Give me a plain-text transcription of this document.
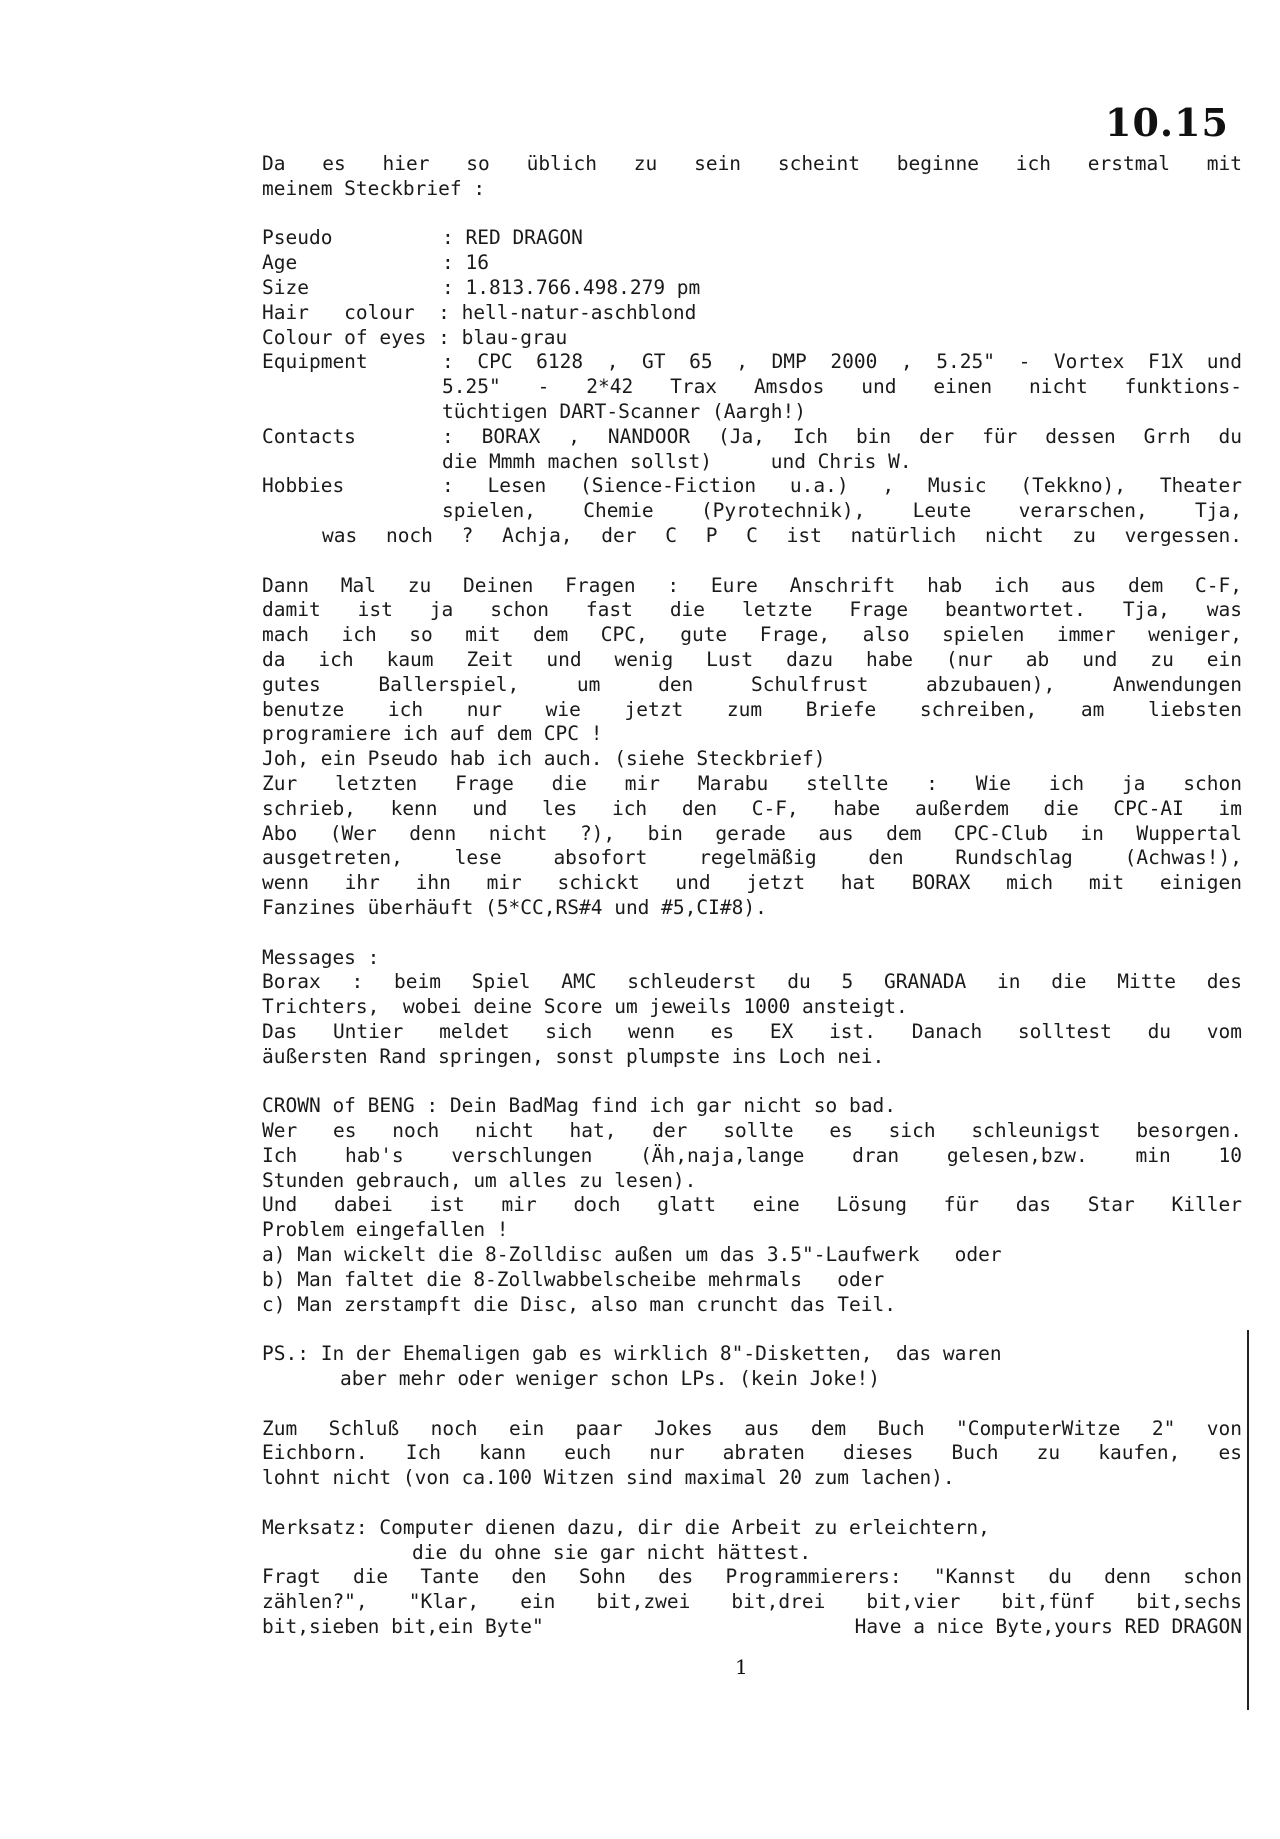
10.15
Da es hier so üblich zu sein scheint beginne ich erstmal mit
meinem Steckbrief :
Pseudo	: RED DRAGON
Age	: 16
Size	: 1.813.766.498.279 pm
Hair   colour  : hell-natur-aschblond
Colour of eyes : blau-grau
Equipment	: CPC 6128 , GT 65 , DMP 2000 , 5.25" - Vortex F1X und
5.25" - 2*42 Trax Amsdos und einen nicht funktions-
tüchtigen DART-Scanner (Aargh!)
Contacts	: BORAX , NANDOOR (Ja, Ich bin der für dessen Grrh du
die Mmmh machen sollst)     und Chris W.
Hobbies	: Lesen (Sience-Fiction u.a.) , Music (Tekkno), Theater
spielen, Chemie (Pyrotechnik), Leute verarschen, Tja,
was noch ? Achja, der C P C ist natürlich nicht zu vergessen.
Dann Mal zu Deinen Fragen : Eure Anschrift hab ich aus dem C-F,
damit ist ja schon fast die letzte Frage beantwortet. Tja, was
mach ich so mit dem CPC, gute Frage, also spielen immer weniger,
da ich kaum Zeit und wenig Lust dazu habe (nur ab und zu ein
gutes Ballerspiel, um den Schulfrust abzubauen), Anwendungen
benutze ich nur wie jetzt zum Briefe schreiben, am liebsten
programiere ich auf dem CPC !
Joh, ein Pseudo hab ich auch. (siehe Steckbrief)
Zur letzten Frage die mir Marabu stellte : Wie ich ja schon
schrieb, kenn und les ich den C-F, habe außerdem die CPC-AI im
Abo (Wer denn nicht ?), bin gerade aus dem CPC-Club in Wuppertal
ausgetreten, lese absofort regelmäßig den Rundschlag (Achwas!),
wenn ihr ihn mir schickt und jetzt hat BORAX mich mit einigen
Fanzines überhäuft (5*CC,RS#4 und #5,CI#8).
Messages :
Borax : beim Spiel AMC schleuderst du 5 GRANADA in die Mitte des
Trichters,  wobei deine Score um jeweils 1000 ansteigt.
Das Untier meldet sich wenn es EX ist. Danach solltest du vom
äußersten Rand springen, sonst plumpste ins Loch nei.
CROWN of BENG : Dein BadMag find ich gar nicht so bad.
Wer es noch nicht hat, der sollte es sich schleunigst besorgen.
Ich hab's verschlungen (Äh,naja,lange dran gelesen,bzw. min 10
Stunden gebrauch, um alles zu lesen).
Und dabei ist mir doch glatt eine Lösung für das Star Killer
Problem eingefallen !
a) Man wickelt die 8-Zolldisc außen um das 3.5"-Laufwerk   oder
b) Man faltet die 8-Zollwabbelscheibe mehrmals   oder
c) Man zerstampft die Disc, also man cruncht das Teil.
PS.: In der Ehemaligen gab es wirklich 8"-Disketten,  das waren
aber mehr oder weniger schon LPs. (kein Joke!)
Zum Schluß noch ein paar Jokes aus dem Buch "ComputerWitze 2" von
Eichborn. Ich kann euch nur abraten dieses Buch zu kaufen, es
lohnt nicht (von ca.100 Witzen sind maximal 20 zum lachen).
Merksatz: Computer dienen dazu, dir die Arbeit zu erleichtern,
die du ohne sie gar nicht hättest.
Fragt die Tante den Sohn des Programmierers: "Kannst du denn schon
zählen?", "Klar, ein bit,zwei bit,drei bit,vier bit,fünf bit,sechs
bit,sieben bit,ein Byte"	Have a nice Byte,yours RED DRAGON
1
